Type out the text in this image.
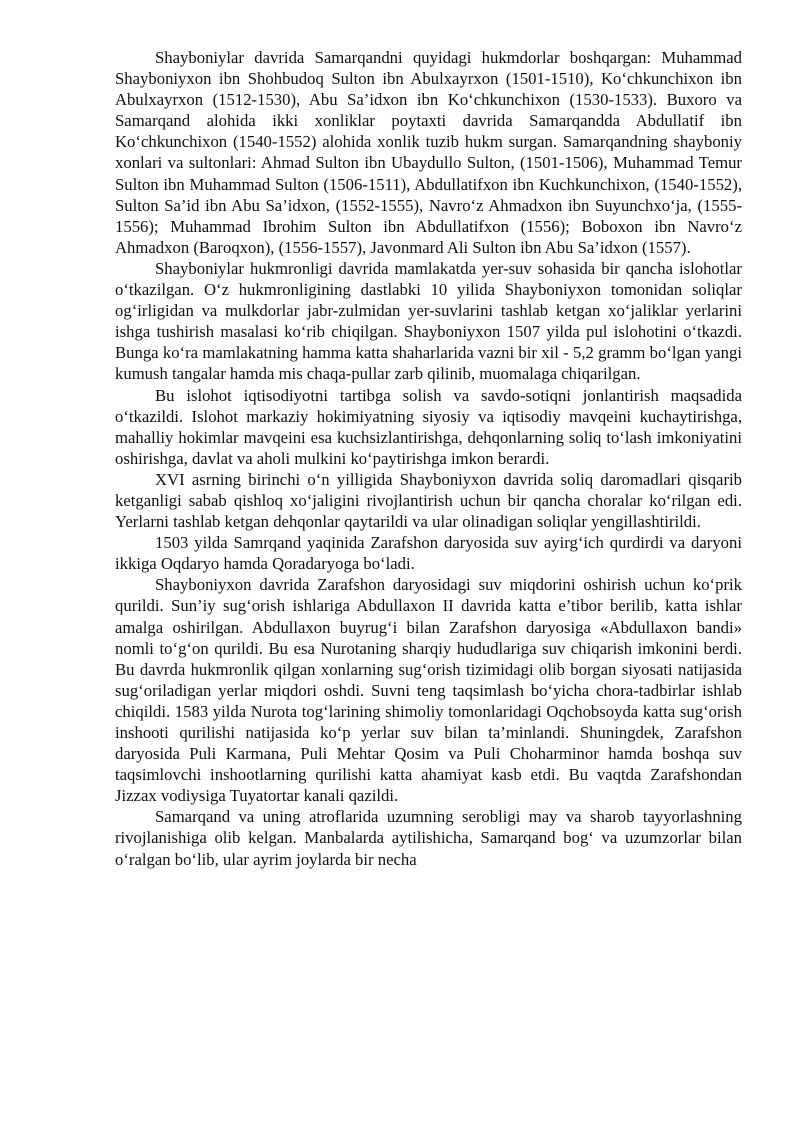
Shayboniylar davrida Samarqandni quyidagi hukmdorlar boshqargan: Muhammad Shayboniyxon ibn Shohbudoq Sulton ibn Abulxayrxon (1501-1510), Ko‘chkunchixon ibn Abulxayrxon (1512-1530), Abu Sa’idxon ibn Ko‘chkunchixon (1530-1533). Buxoro va Samarqand alohida ikki xonliklar poytaxti davrida Samarqandda Abdullatif ibn Ko‘chkunchixon (1540-1552) alohida xonlik tuzib hukm surgan. Samarqandning shayboniy xonlari va sultonlari: Ahmad Sulton ibn Ubaydullo Sulton, (1501-1506), Muhammad Temur Sulton ibn Muhammad Sulton (1506-1511), Abdullatifxon ibn Kuchkunchixon, (1540-1552), Sulton Sa’id ibn Abu Sa’idxon, (1552-1555), Navro‘z Ahmadxon ibn Suyunchxo‘ja, (1555-1556); Muhammad Ibrohim Sulton ibn Abdullatifxon (1556); Boboxon ibn Navro‘z Ahmadxon (Baroqxon), (1556-1557), Javonmard Ali Sulton ibn Abu Sa’idxon (1557).

Shayboniylar hukmronligi davrida mamlakatda yer-suv sohasida bir qancha islohotlar o‘tkazilgan. O‘z hukmronligining dastlabki 10 yilida Shayboniyxon tomonidan soliqlar og‘irligidan va mulkdorlar jabr-zulmidan yer-suvlarini tashlab ketgan xo‘jaliklar yerlarini ishga tushirish masalasi ko‘rib chiqilgan. Shayboniyxon 1507 yilda pul islohotini o‘tkazdi. Bunga ko‘ra mamlakatning hamma katta shaharlarida vazni bir xil - 5,2 gramm bo‘lgan yangi kumush tangalar hamda mis chaqa-pullar zarb qilinib, muomalaga chiqarilgan.

Bu islohot iqtisodiyotni tartibga solish va savdo-sotiqni jonlantirish maqsadida o‘tkazildi. Islohot markaziy hokimiyatning siyosiy va iqtisodiy mavqeini kuchaytirishga, mahalliy hokimlar mavqeini esa kuchsizlantirishga, dehqonlarning soliq to‘lash imkoniyatini oshirishga, davlat va aholi mulkini ko‘paytirishga imkon berardi.

XVI asrning birinchi o‘n yilligida Shayboniyxon davrida soliq daromadlari qisqarib ketganligi sabab qishloq xo‘jaligini rivojlantirish uchun bir qancha choralar ko‘rilgan edi. Yerlarni tashlab ketgan dehqonlar qaytarildi va ular olinadigan soliqlar yengillashtirildi.

1503 yilda Samrqand yaqinida Zarafshon daryosida suv ayirg‘ich qurdirdi va daryoni ikkiga Oqdaryo hamda Qoradaryoga bo‘ladi.

Shayboniyxon davrida Zarafshon daryosidagi suv miqdorini oshirish uchun ko‘prik qurildi. Sun’iy sug‘orish ishlariga Abdullaxon II davrida katta e’tibor berilib, katta ishlar amalga oshirilgan. Abdullaxon buyrug‘i bilan Zarafshon daryosiga «Abdullaxon bandi» nomli to‘g‘on qurildi. Bu esa Nurotaning sharqiy hududlariga suv chiqarish imkonini berdi. Bu davrda hukmronlik qilgan xonlarning sug‘orish tizimidagi olib borgan siyosati natijasida sug‘oriladigan yerlar miqdori oshdi. Suvni teng taqsimlash bo‘yicha chora-tadbirlar ishlab chiqildi. 1583 yilda Nurota tog‘larining shimoliy tomonlaridagi Oqchobsoyda katta sug‘orish inshooti qurilishi natijasida ko‘p yerlar suv bilan ta’minlandi. Shuningdek, Zarafshon daryosida Puli Karmana, Puli Mehtar Qosim va Puli Choharminor hamda boshqa suv taqsimlovchi inshootlarning qurilishi katta ahamiyat kasb etdi. Bu vaqtda Zarafshondan Jizzax vodiysiga Tuyatortar kanali qazildi.

Samarqand va uning atroflarida uzumning serobligi may va sharob tayyorlashning rivojlanishiga olib kelgan. Manbalarda aytilishicha, Samarqand bog‘ va uzumzorlar bilan o‘ralgan bo‘lib, ular ayrim joylarda bir necha
